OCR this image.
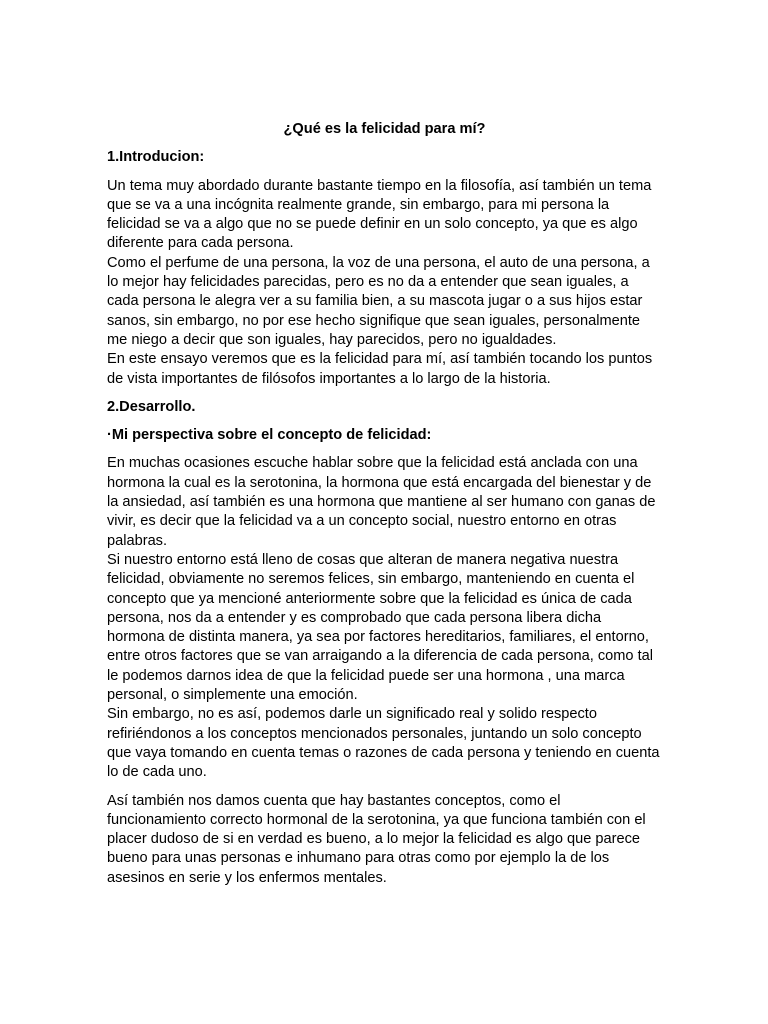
¿Qué es la felicidad para mí?
1.Introducion:
Un tema muy abordado durante bastante tiempo en la filosofía, así también un tema que se va a una incógnita realmente grande, sin embargo, para mi persona la felicidad se va a algo que no se puede definir en un solo concepto, ya que es algo diferente para cada persona.
Como el perfume de una persona, la voz de una persona, el auto de una persona, a lo mejor hay felicidades parecidas, pero es no da a entender que sean iguales, a cada persona le alegra ver a su familia bien, a su mascota jugar o a sus hijos estar sanos, sin embargo, no por ese hecho signifique que sean iguales, personalmente me niego a decir que son iguales, hay parecidos, pero no igualdades.
En este ensayo veremos que es la felicidad para mí, así también tocando los puntos de vista importantes de filósofos importantes a lo largo de la historia.
2.Desarrollo.
·Mi perspectiva sobre el concepto de felicidad:
En muchas ocasiones escuche hablar sobre que la felicidad está anclada con una hormona la cual es la serotonina, la hormona que está encargada del bienestar y de la ansiedad, así también es una hormona que mantiene al ser humano con ganas de vivir, es decir que la felicidad va a un concepto social, nuestro entorno en otras palabras.
Si nuestro entorno está lleno de cosas que alteran de manera negativa nuestra felicidad, obviamente no seremos felices, sin embargo, manteniendo en cuenta el concepto que ya mencioné anteriormente sobre que la felicidad es única de cada persona, nos da a entender y es comprobado que cada persona libera dicha hormona de distinta manera, ya sea por factores hereditarios, familiares, el entorno, entre otros factores que se van arraigando a la diferencia de cada persona, como tal le podemos darnos idea de que la felicidad puede ser una hormona , una marca personal, o simplemente una emoción.
Sin embargo, no es así, podemos darle un significado real y solido respecto refiriéndonos a los conceptos mencionados personales, juntando un solo concepto que vaya tomando en cuenta temas o razones de cada persona y teniendo en cuenta lo de cada uno.
Así también nos damos cuenta que hay bastantes conceptos, como el funcionamiento correcto hormonal de la serotonina, ya que funciona también con el placer dudoso de si en verdad es bueno, a lo mejor la felicidad es algo que parece bueno para unas personas e inhumano para otras como por ejemplo la de los asesinos en serie y los enfermos mentales.
